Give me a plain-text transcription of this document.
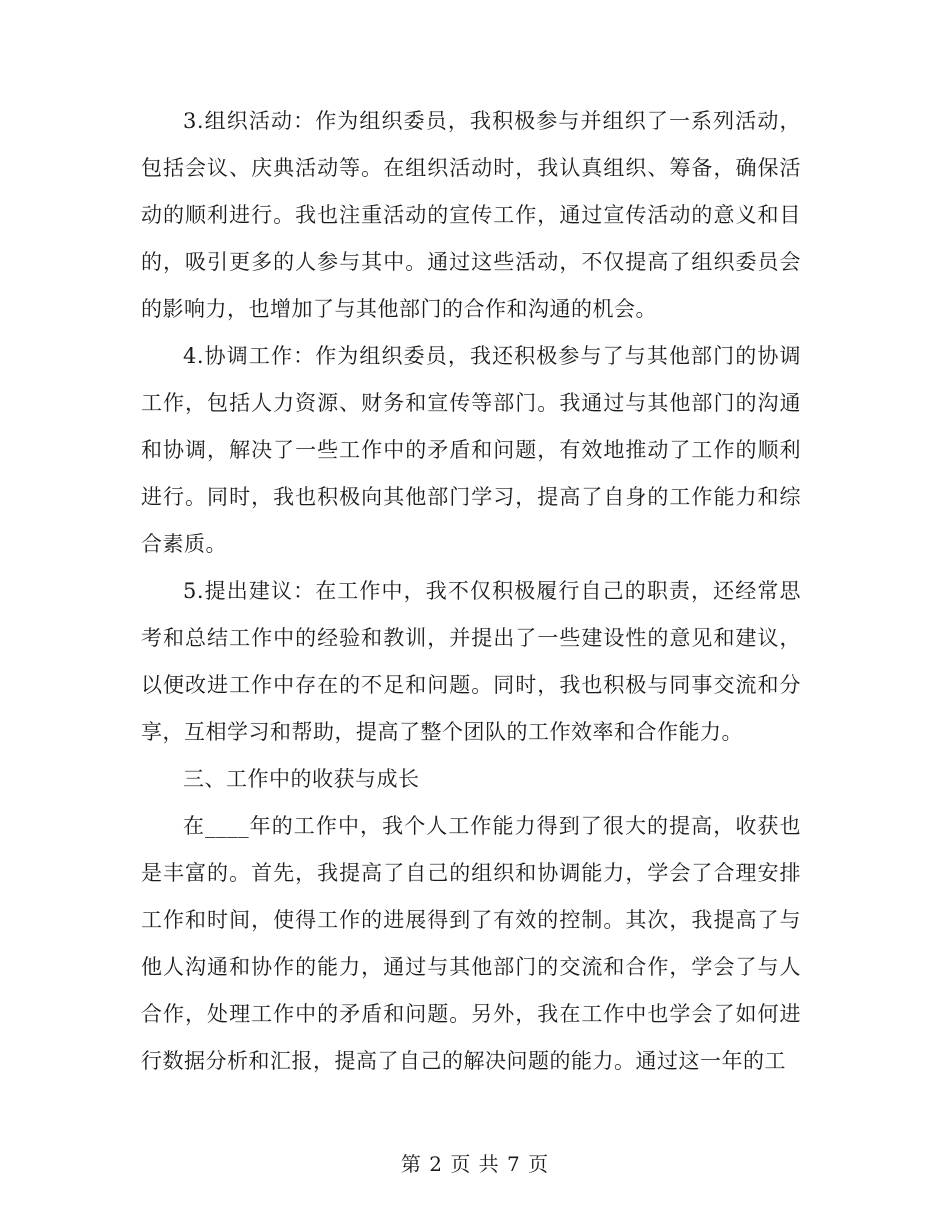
3.组织活动：作为组织委员，我积极参与并组织了一系列活动，包括会议、庆典活动等。在组织活动时，我认真组织、筹备，确保活动的顺利进行。我也注重活动的宣传工作，通过宣传活动的意义和目的，吸引更多的人参与其中。通过这些活动，不仅提高了组织委员会的影响力，也增加了与其他部门的合作和沟通的机会。

4.协调工作：作为组织委员，我还积极参与了与其他部门的协调工作，包括人力资源、财务和宣传等部门。我通过与其他部门的沟通和协调，解决了一些工作中的矛盾和问题，有效地推动了工作的顺利进行。同时，我也积极向其他部门学习，提高了自身的工作能力和综合素质。

5.提出建议：在工作中，我不仅积极履行自己的职责，还经常思考和总结工作中的经验和教训，并提出了一些建设性的意见和建议，以便改进工作中存在的不足和问题。同时，我也积极与同事交流和分享，互相学习和帮助，提高了整个团队的工作效率和合作能力。

三、工作中的收获与成长

在____年的工作中，我个人工作能力得到了很大的提高，收获也是丰富的。首先，我提高了自己的组织和协调能力，学会了合理安排工作和时间，使得工作的进展得到了有效的控制。其次，我提高了与他人沟通和协作的能力，通过与其他部门的交流和合作，学会了与人合作，处理工作中的矛盾和问题。另外，我在工作中也学会了如何进行数据分析和汇报，提高了自己的解决问题的能力。通过这一年的工

第 2 页 共 7 页
